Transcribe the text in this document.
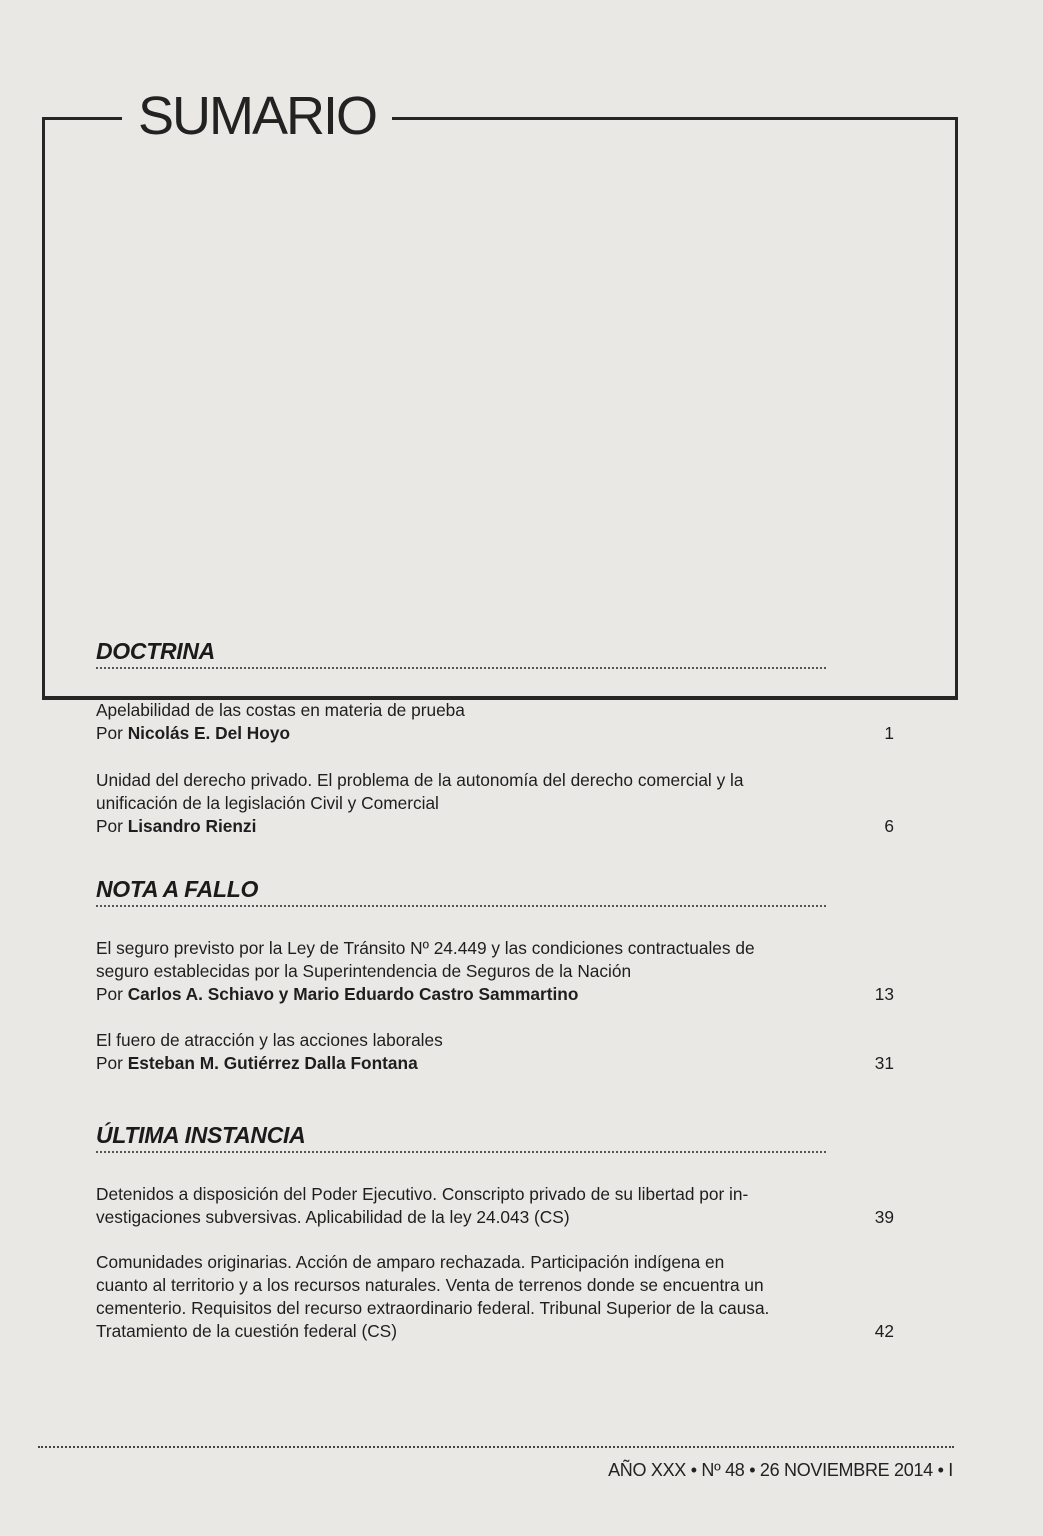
SUMARIO
DOCTRINA
Apelabilidad de las costas en materia de prueba
Por Nicolás E. Del Hoyo	1
Unidad del derecho privado. El problema de la autonomía del derecho comercial y la
unificación de la legislación Civil y Comercial
Por Lisandro Rienzi	6
NOTA A FALLO
El seguro previsto por la Ley de Tránsito Nº 24.449 y las condiciones contractuales de
seguro establecidas por la Superintendencia de Seguros de la Nación
Por Carlos A. Schiavo y Mario Eduardo Castro Sammartino	13
El fuero de atracción y las acciones laborales
Por Esteban M. Gutiérrez Dalla Fontana	31
ÚLTIMA INSTANCIA
Detenidos a disposición del Poder Ejecutivo. Conscripto privado de su libertad por in-
vestigaciones subversivas. Aplicabilidad de la ley 24.043 (CS)	39
Comunidades originarias. Acción de amparo rechazada. Participación indígena en
cuanto al territorio y a los recursos naturales. Venta de terrenos donde se encuentra un
cementerio. Requisitos del recurso extraordinario federal. Tribunal Superior de la causa.
Tratamiento de la cuestión federal (CS)	42
AÑO XXX • Nº 48 • 26 NOVIEMBRE 2014 • I
